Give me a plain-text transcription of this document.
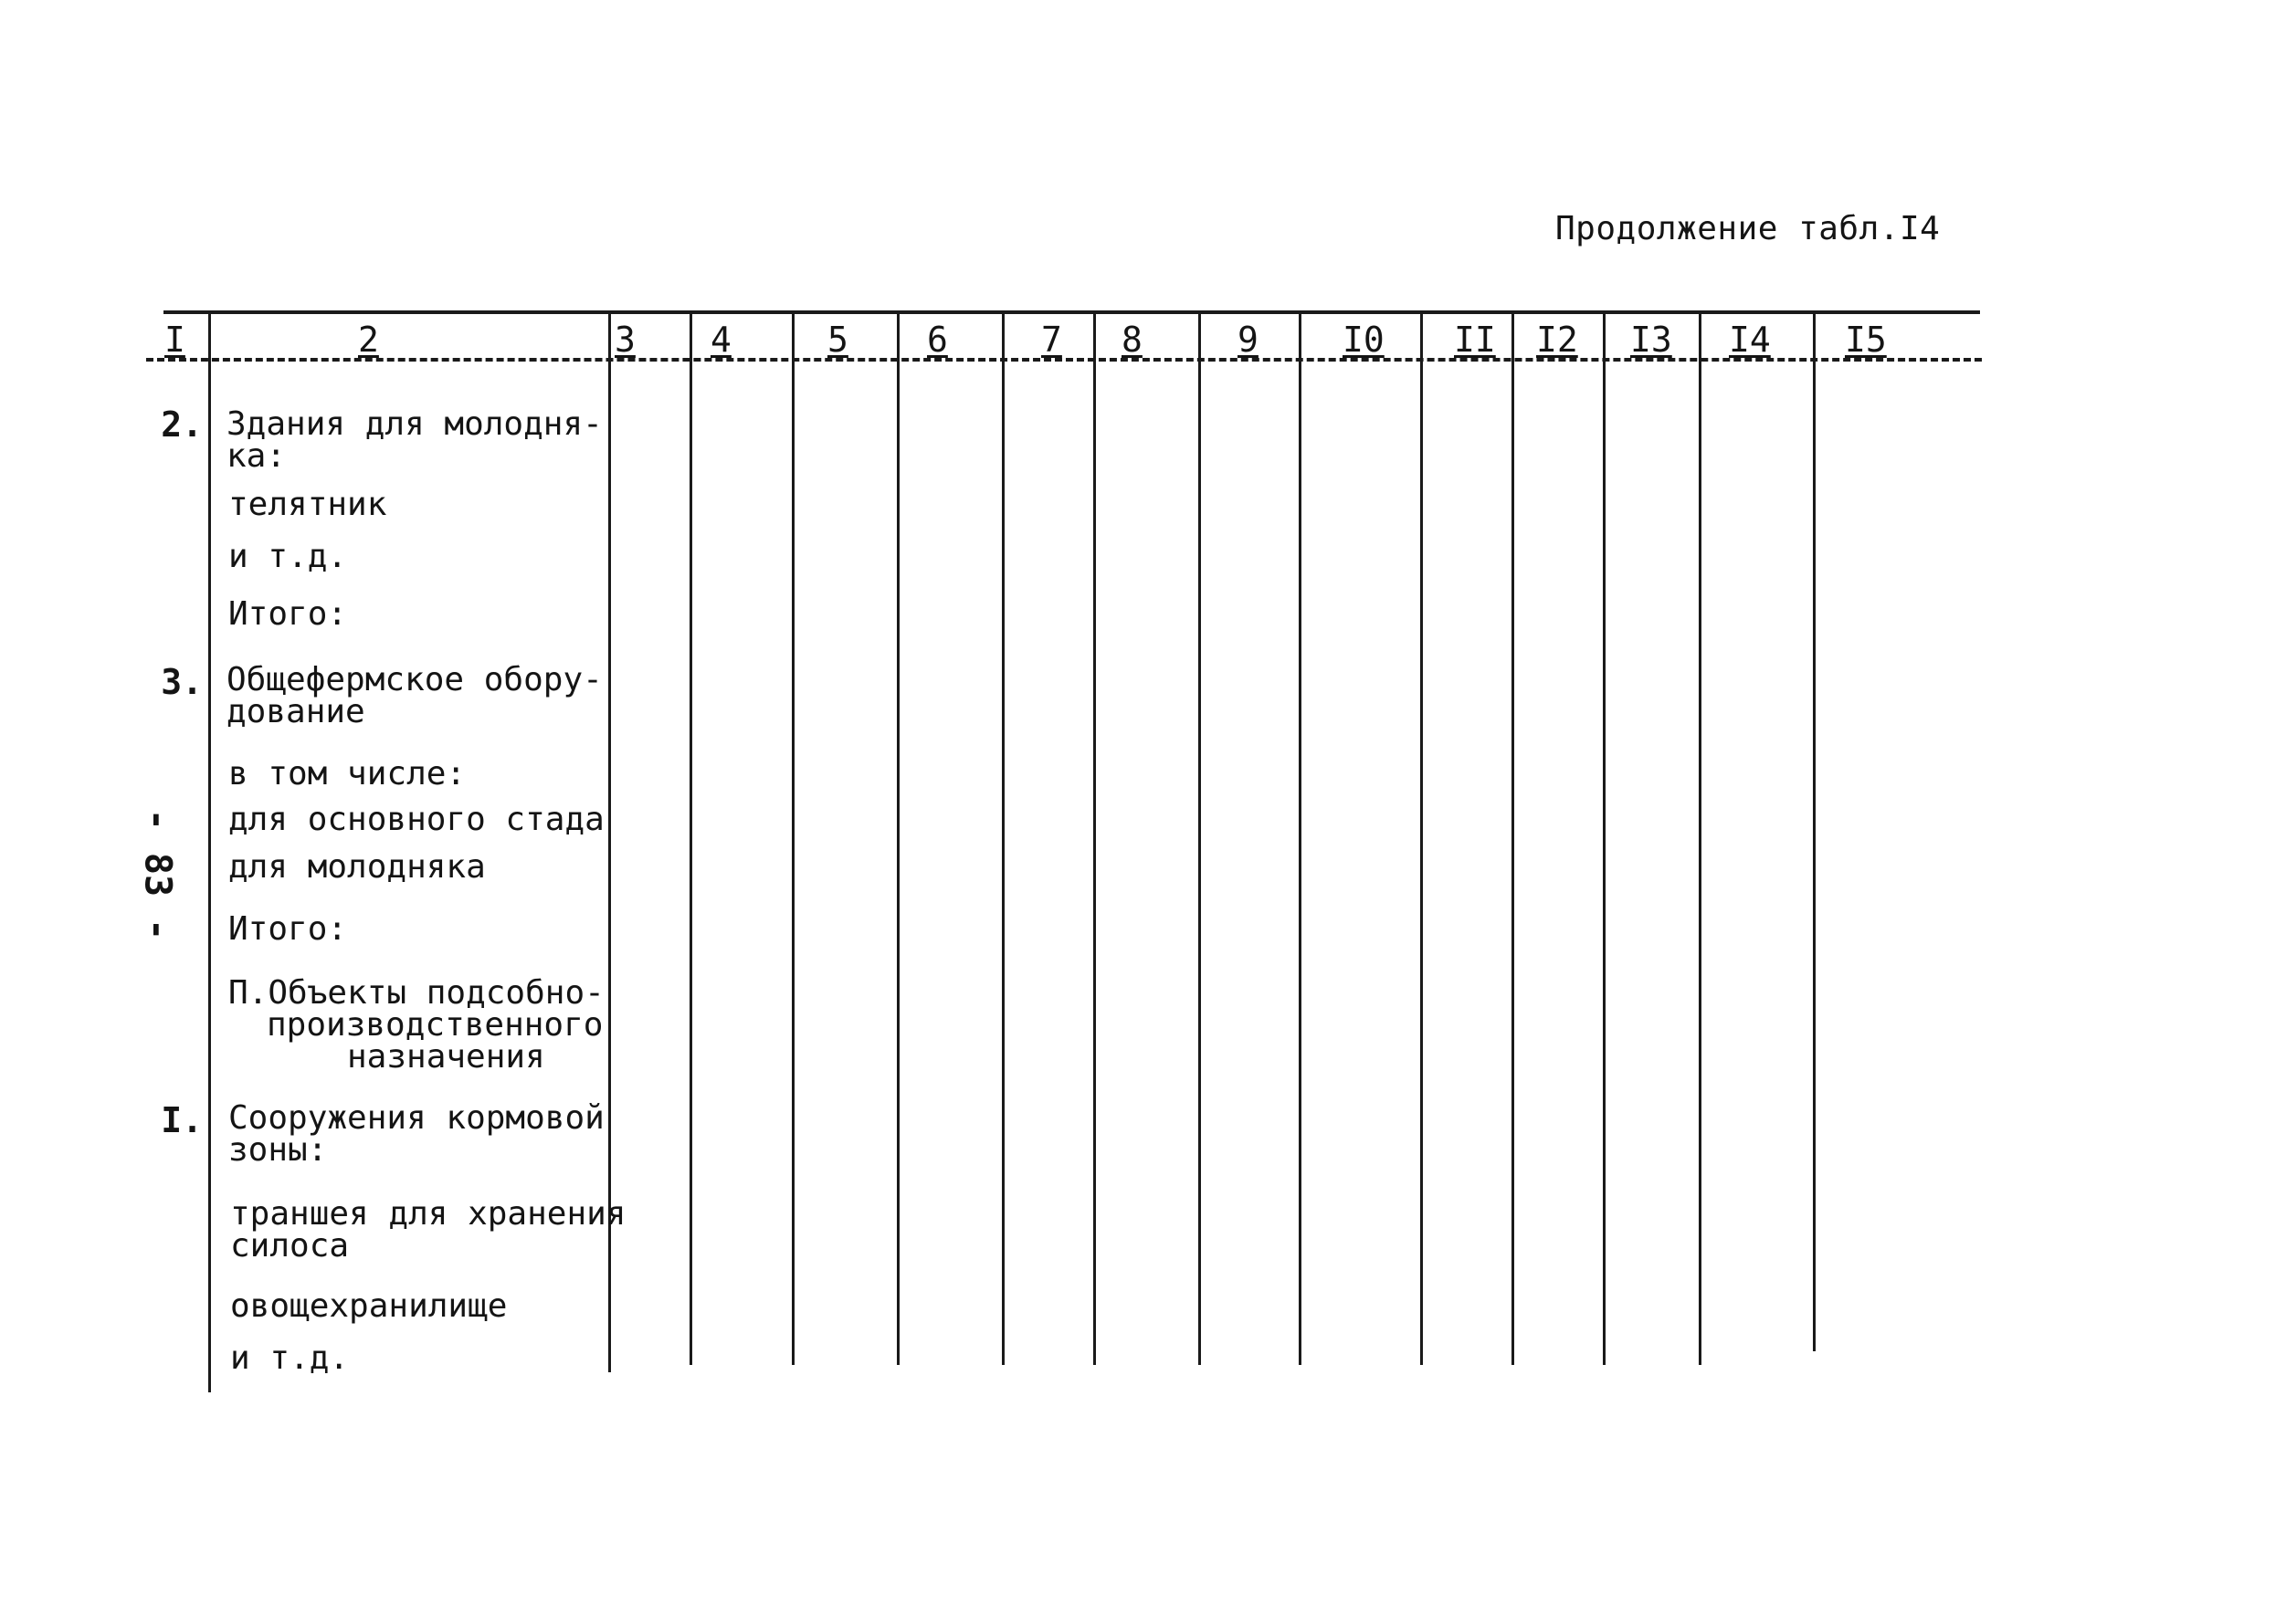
Продолжение табл.I4
- 83 -
I	2	3 4	5 6	7 8	9 I0 II I2 I3 I4 I5
2. Здания для молодня-
ка:
телятник
и т.д.
Итого:
3. Общефермское обору-
дование
в том числе:
для основного стада
для молодняка
Итого:
П.Объекты подсобно-
производственного
назначения
I. Сооружения кормовой
зоны:
траншея для хранения
силоса
овощехранилище
и т.д.
